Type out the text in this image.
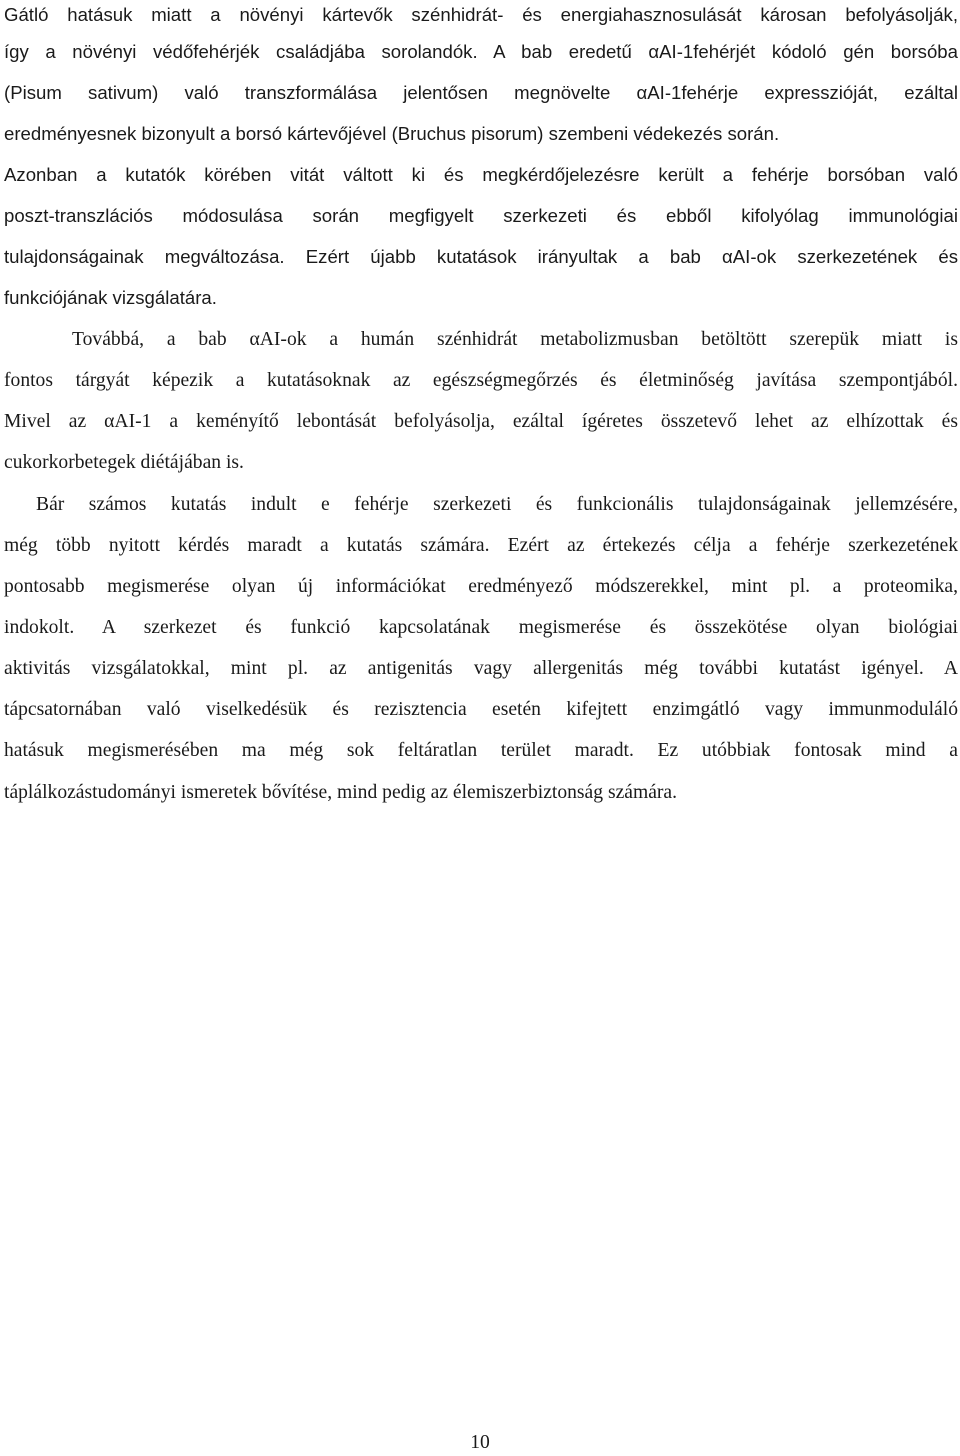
Gátló hatásuk miatt a növényi kártevők szénhidrát- és energiahasznosulását károsan befolyásolják,
így a növényi védőfehérjék családjába sorolandók. A bab eredetű αAI-1fehérjét kódoló gén borsóba
(Pisum sativum) való transzformálása jelentősen megnövelte αAI-1fehérje expresszióját, ezáltal
eredményesnek bizonyult a borsó kártevőjével (Bruchus pisorum) szembeni védekezés során.
Azonban a kutatók körében vitát váltott ki és megkérdőjelezésre került a fehérje borsóban való
poszt-transzlációs módosulása során megfigyelt szerkezeti és ebből kifolyólag immunológiai
tulajdonságainak megváltozása. Ezért újabb kutatások irányultak a bab αAI-ok szerkezetének és
funkciójának vizsgálatára.
Továbbá, a bab αAI-ok a humán szénhidrát metabolizmusban betöltött szerepük miatt is
fontos tárgyát képezik a kutatásoknak az egészségmegőrzés és életminőség javítása szempontjából.
Mivel az αAI-1 a keményítő lebontását befolyásolja, ezáltal ígéretes összetevő lehet az elhízottak és
cukorkorbetegek diétájában is.
Bár számos kutatás indult e fehérje szerkezeti és funkcionális tulajdonságainak jellemzésére,
még több nyitott kérdés maradt a kutatás számára. Ezért az értekezés célja a fehérje szerkezetének
pontosabb megismerése olyan új információkat eredményező módszerekkel, mint pl. a proteomika,
indokolt. A szerkezet és funkció kapcsolatának megismerése és összekötése olyan biológiai
aktivitás vizsgálatokkal, mint pl. az antigenitás vagy allergenitás még további kutatást igényel. A
tápcsatornában való viselkedésük és rezisztencia esetén kifejtett enzimgátló vagy immunmoduláló
hatásuk megismerésében ma még sok feltáratlan terület maradt. Ez utóbbiak fontosak mind a
táplálkozástudományi ismeretek bővítése, mind pedig az élemiszerbiztonság számára.
10
